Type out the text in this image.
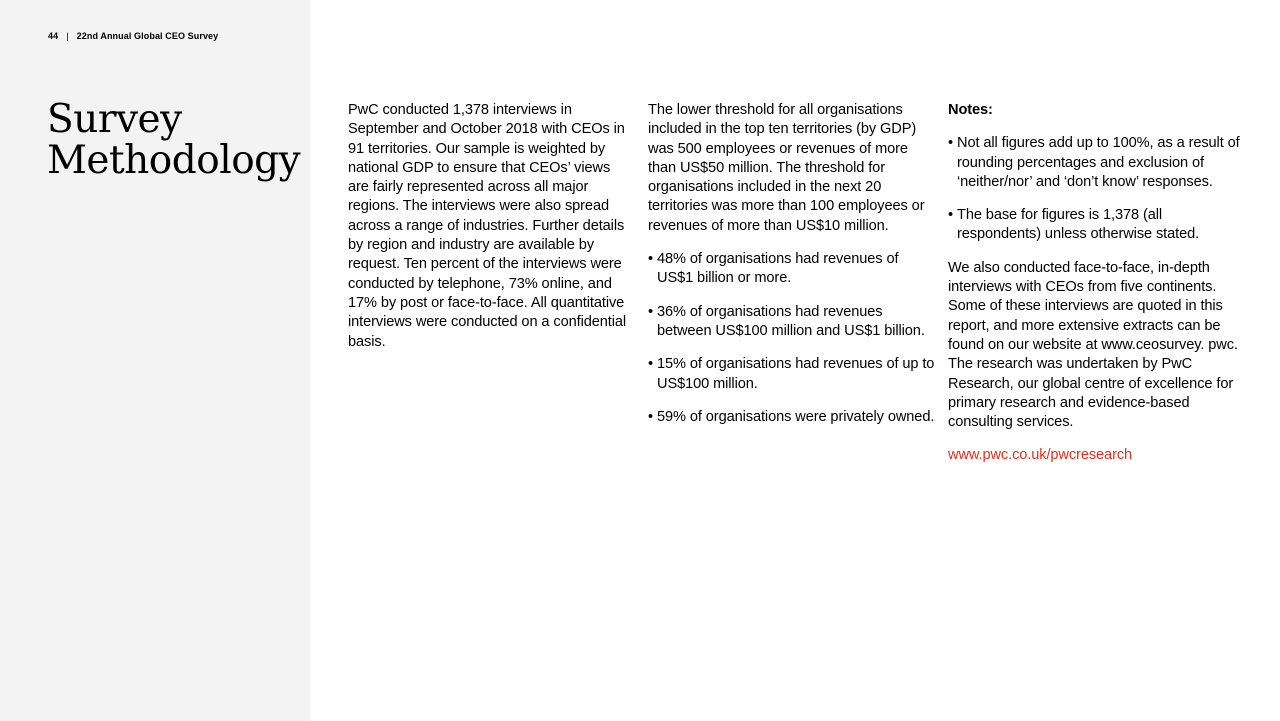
44 | 22nd Annual Global CEO Survey
Survey
Methodology

PwC conducted 1,378 interviews in September and October 2018 with CEOs in 91 territories. Our sample is weighted by national GDP to ensure that CEOs’ views are fairly represented across all major regions. The interviews were also spread across a range of industries. Further details by region and industry are available by request. Ten percent of the interviews were conducted by telephone, 73% online, and 17% by post or face-to-face. All quantitative interviews were conducted on a confidential basis.

The lower threshold for all organisations included in the top ten territories (by GDP) was 500 employees or revenues of more than US$50 million. The threshold for organisations included in the next 20 territories was more than 100 employees or revenues of more than US$10 million.

• 48% of organisations had revenues of US$1 billion or more.
• 36% of organisations had revenues between US$100 million and US$1 billion.
• 15% of organisations had revenues of up to US$100 million.
• 59% of organisations were privately owned.

Notes:

• Not all figures add up to 100%, as a result of rounding percentages and exclusion of ‘neither/nor’ and ‘don’t know’ responses.
• The base for figures is 1,378 (all respondents) unless otherwise stated.

We also conducted face-to-face, in-depth interviews with CEOs from five continents. Some of these interviews are quoted in this report, and more extensive extracts can be found on our website at www.ceosurvey. pwc. The research was undertaken by PwC Research, our global centre of excellence for primary research and evidence-based consulting services.

www.pwc.co.uk/pwcresearch
